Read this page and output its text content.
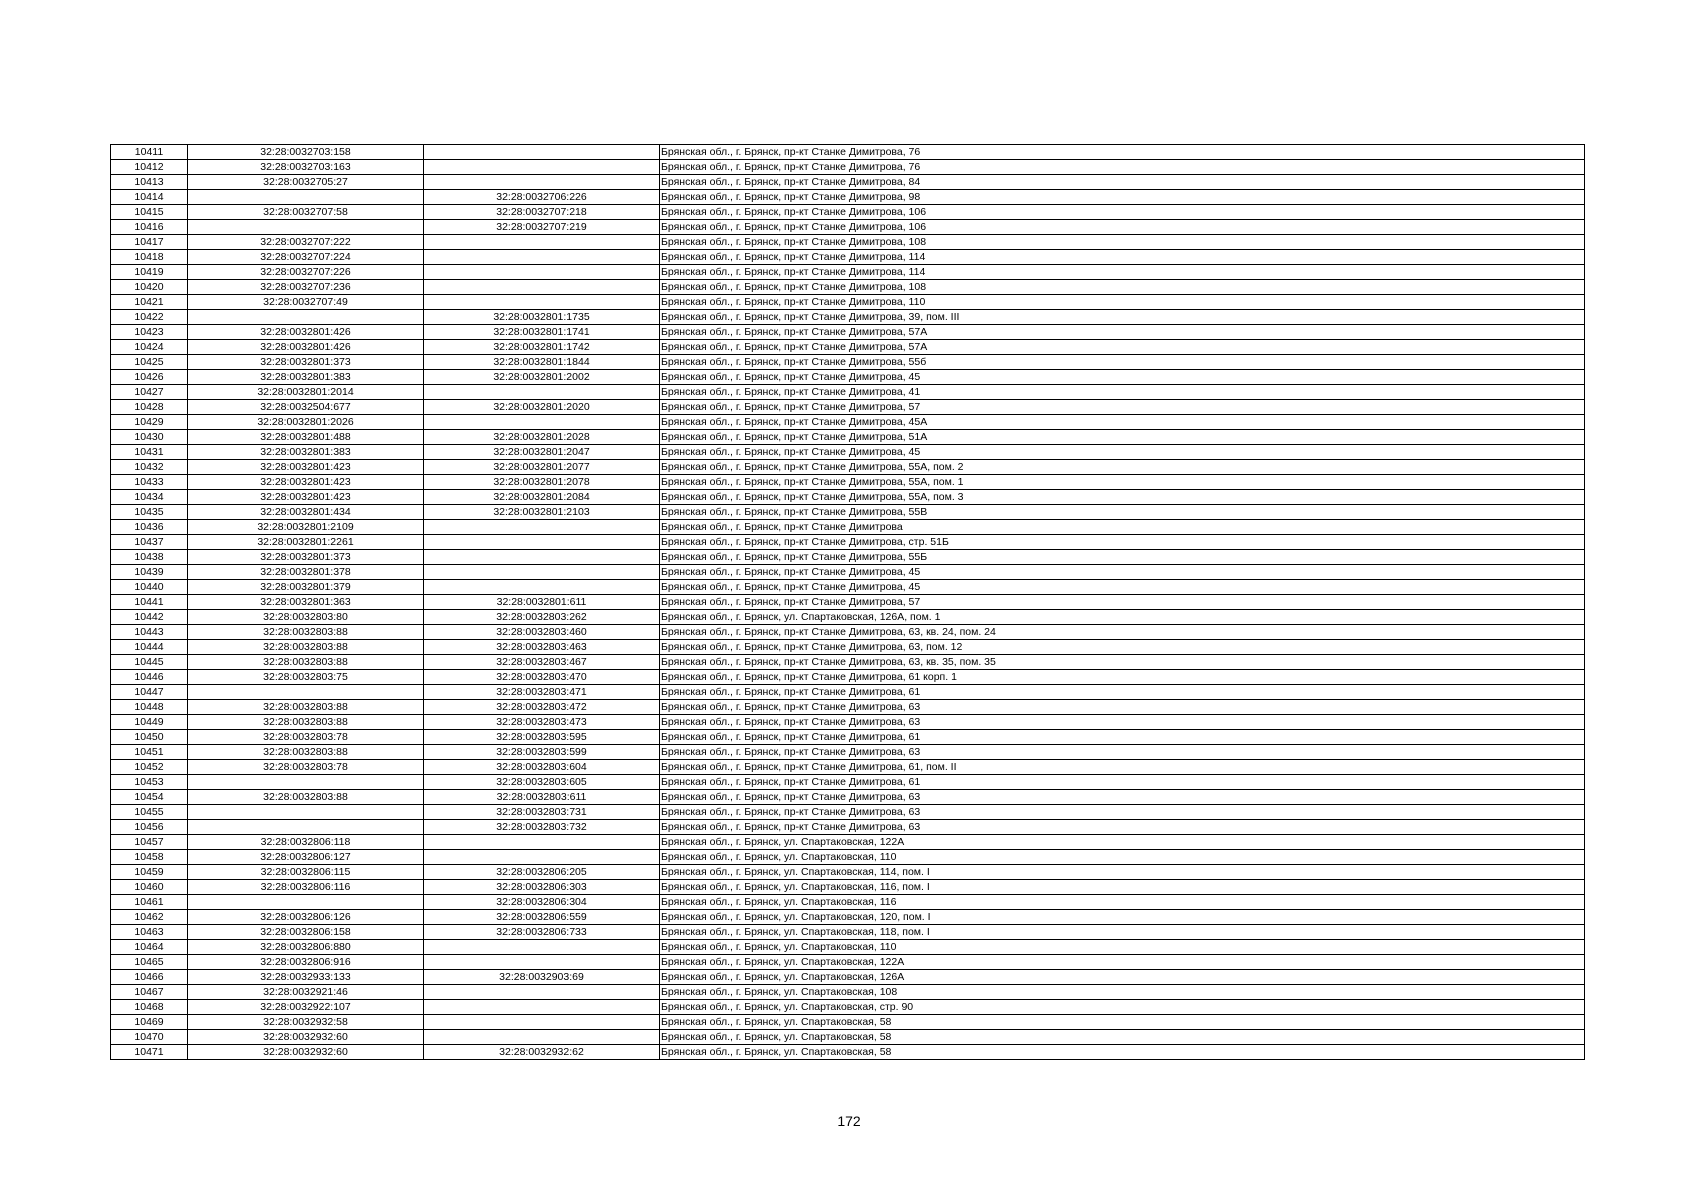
10411	32:28:0032703:158		Брянская обл., г. Брянск, пр-кт Станке Димитрова, 76
10412	32:28:0032703:163		Брянская обл., г. Брянск, пр-кт Станке Димитрова, 76
10413	32:28:0032705:27		Брянская обл., г. Брянск, пр-кт Станке Димитрова, 84
10414		32:28:0032706:226	Брянская обл., г. Брянск, пр-кт Станке Димитрова, 98
10415	32:28:0032707:58	32:28:0032707:218	Брянская обл., г. Брянск, пр-кт Станке Димитрова, 106
10416		32:28:0032707:219	Брянская обл., г. Брянск, пр-кт Станке Димитрова, 106
10417	32:28:0032707:222		Брянская обл., г. Брянск, пр-кт Станке Димитрова, 108
10418	32:28:0032707:224		Брянская обл., г. Брянск, пр-кт Станке Димитрова, 114
10419	32:28:0032707:226		Брянская обл., г. Брянск, пр-кт Станке Димитрова, 114
10420	32:28:0032707:236		Брянская обл., г. Брянск, пр-кт Станке Димитрова, 108
10421	32:28:0032707:49		Брянская обл., г. Брянск, пр-кт Станке Димитрова, 110
10422		32:28:0032801:1735	Брянская обл., г. Брянск, пр-кт Станке Димитрова, 39, пом. III
10423	32:28:0032801:426	32:28:0032801:1741	Брянская обл., г. Брянск, пр-кт Станке Димитрова, 57А
10424	32:28:0032801:426	32:28:0032801:1742	Брянская обл., г. Брянск, пр-кт Станке Димитрова, 57А
10425	32:28:0032801:373	32:28:0032801:1844	Брянская обл., г. Брянск, пр-кт Станке Димитрова, 55б
10426	32:28:0032801:383	32:28:0032801:2002	Брянская обл., г. Брянск, пр-кт Станке Димитрова, 45
10427	32:28:0032801:2014		Брянская обл., г. Брянск, пр-кт Станке Димитрова, 41
10428	32:28:0032504:677	32:28:0032801:2020	Брянская обл., г. Брянск, пр-кт Станке Димитрова, 57
10429	32:28:0032801:2026		Брянская обл., г. Брянск, пр-кт Станке Димитрова, 45А
10430	32:28:0032801:488	32:28:0032801:2028	Брянская обл., г. Брянск, пр-кт Станке Димитрова, 51А
10431	32:28:0032801:383	32:28:0032801:2047	Брянская обл., г. Брянск, пр-кт Станке Димитрова, 45
10432	32:28:0032801:423	32:28:0032801:2077	Брянская обл., г. Брянск, пр-кт Станке Димитрова, 55А, пом. 2
10433	32:28:0032801:423	32:28:0032801:2078	Брянская обл., г. Брянск, пр-кт Станке Димитрова, 55А, пом. 1
10434	32:28:0032801:423	32:28:0032801:2084	Брянская обл., г. Брянск, пр-кт Станке Димитрова, 55А, пом. 3
10435	32:28:0032801:434	32:28:0032801:2103	Брянская обл., г. Брянск, пр-кт Станке Димитрова, 55В
10436	32:28:0032801:2109		Брянская обл., г. Брянск, пр-кт Станке Димитрова
10437	32:28:0032801:2261		Брянская обл., г. Брянск, пр-кт Станке Димитрова, стр. 51Б
10438	32:28:0032801:373		Брянская обл., г. Брянск, пр-кт Станке Димитрова, 55Б
10439	32:28:0032801:378		Брянская обл., г. Брянск, пр-кт Станке Димитрова, 45
10440	32:28:0032801:379		Брянская обл., г. Брянск, пр-кт Станке Димитрова, 45
10441	32:28:0032801:363	32:28:0032801:611	Брянская обл., г. Брянск, пр-кт Станке Димитрова, 57
10442	32:28:0032803:80	32:28:0032803:262	Брянская обл., г. Брянск, ул. Спартаковская, 126А, пом. 1
10443	32:28:0032803:88	32:28:0032803:460	Брянская обл., г. Брянск, пр-кт Станке Димитрова, 63, кв. 24, пом. 24
10444	32:28:0032803:88	32:28:0032803:463	Брянская обл., г. Брянск, пр-кт Станке Димитрова, 63, пом. 12
10445	32:28:0032803:88	32:28:0032803:467	Брянская обл., г. Брянск, пр-кт Станке Димитрова, 63, кв. 35, пом. 35
10446	32:28:0032803:75	32:28:0032803:470	Брянская обл., г. Брянск, пр-кт Станке Димитрова, 61 корп. 1
10447		32:28:0032803:471	Брянская обл., г. Брянск, пр-кт Станке Димитрова, 61
10448	32:28:0032803:88	32:28:0032803:472	Брянская обл., г. Брянск, пр-кт Станке Димитрова, 63
10449	32:28:0032803:88	32:28:0032803:473	Брянская обл., г. Брянск, пр-кт Станке Димитрова, 63
10450	32:28:0032803:78	32:28:0032803:595	Брянская обл., г. Брянск, пр-кт Станке Димитрова, 61
10451	32:28:0032803:88	32:28:0032803:599	Брянская обл., г. Брянск, пр-кт Станке Димитрова, 63
10452	32:28:0032803:78	32:28:0032803:604	Брянская обл., г. Брянск, пр-кт Станке Димитрова, 61, пом. II
10453		32:28:0032803:605	Брянская обл., г. Брянск, пр-кт Станке Димитрова, 61
10454	32:28:0032803:88	32:28:0032803:611	Брянская обл., г. Брянск, пр-кт Станке Димитрова, 63
10455		32:28:0032803:731	Брянская обл., г. Брянск, пр-кт Станке Димитрова, 63
10456		32:28:0032803:732	Брянская обл., г. Брянск, пр-кт Станке Димитрова, 63
10457	32:28:0032806:118		Брянская обл., г. Брянск, ул. Спартаковская, 122А
10458	32:28:0032806:127		Брянская обл., г. Брянск, ул. Спартаковская, 110
10459	32:28:0032806:115	32:28:0032806:205	Брянская обл., г. Брянск, ул. Спартаковская, 114, пом. I
10460	32:28:0032806:116	32:28:0032806:303	Брянская обл., г. Брянск, ул. Спартаковская, 116, пом. I
10461		32:28:0032806:304	Брянская обл., г. Брянск, ул. Спартаковская, 116
10462	32:28:0032806:126	32:28:0032806:559	Брянская обл., г. Брянск, ул. Спартаковская, 120, пом. I
10463	32:28:0032806:158	32:28:0032806:733	Брянская обл., г. Брянск, ул. Спартаковская, 118, пом. I
10464	32:28:0032806:880		Брянская обл., г. Брянск, ул. Спартаковская, 110
10465	32:28:0032806:916		Брянская обл., г. Брянск, ул. Спартаковская, 122А
10466	32:28:0032933:133	32:28:0032903:69	Брянская обл., г. Брянск, ул. Спартаковская, 126А
10467	32:28:0032921:46		Брянская обл., г. Брянск, ул. Спартаковская, 108
10468	32:28:0032922:107		Брянская обл., г. Брянск, ул. Спартаковская, стр. 90
10469	32:28:0032932:58		Брянская обл., г. Брянск, ул. Спартаковская, 58
10470	32:28:0032932:60		Брянская обл., г. Брянск, ул. Спартаковская, 58
10471	32:28:0032932:60	32:28:0032932:62	Брянская обл., г. Брянск, ул. Спартаковская, 58
172
